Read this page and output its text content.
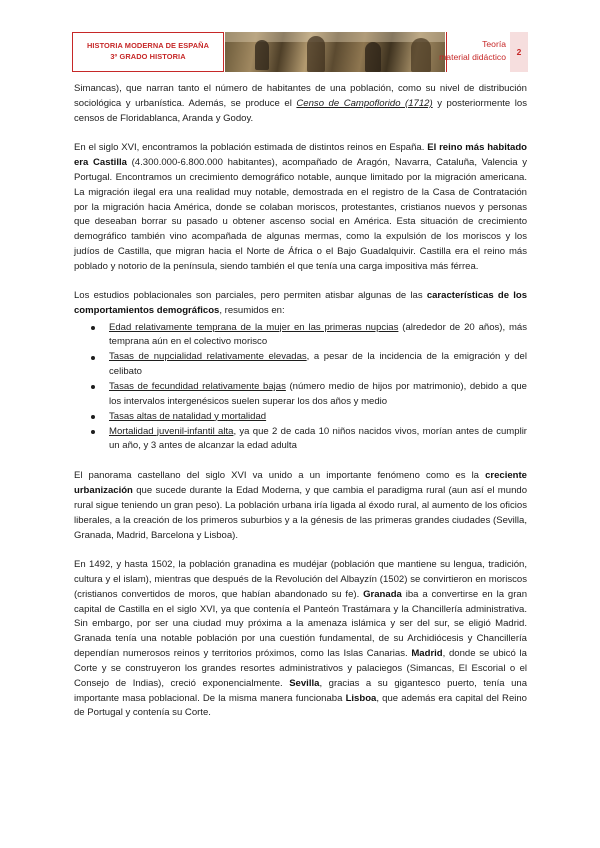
HISTORIA MODERNA DE ESPAÑA
3º GRADO HISTORIA
Teoría
material didáctico	2

Simancas), que narran tanto el número de habitantes de una población, como su nivel de distribución sociológica y urbanística. Además, se produce el Censo de Campoflorido (1712) y posteriormente los censos de Floridablanca, Aranda y Godoy.

En el siglo XVI, encontramos la población estimada de distintos reinos en España. El reino más habitado era Castilla (4.300.000-6.800.000 habitantes), acompañado de Aragón, Navarra, Cataluña, Valencia y Portugal. Encontramos un crecimiento demográfico notable, aunque limitado por la migración americana. La migración ilegal era una realidad muy notable, demostrada en el registro de la Casa de Contratación por la migración hacia América, donde se colaban moriscos, protestantes, cristianos nuevos y personas que deseaban borrar su pasado u obtener ascenso social en América. Esta situación de crecimiento demográfico también vino acompañada de algunas mermas, como la expulsión de los moriscos y los judíos de Castilla, que migran hacia el Norte de África o el Bajo Guadalquivir. Castilla era el reino más poblado y notorio de la península, siendo también el que tenía una carga impositiva más férrea.

Los estudios poblacionales son parciales, pero permiten atisbar algunas de las características de los comportamientos demográficos, resumidos en:

Edad relativamente temprana de la mujer en las primeras nupcias (alrededor de 20 años), más temprana aún en el colectivo morisco
Tasas de nupcialidad relativamente elevadas, a pesar de la incidencia de la emigración y del celibato
Tasas de fecundidad relativamente bajas (número medio de hijos por matrimonio), debido a que los intervalos intergenésicos suelen superar los dos años y medio
Tasas altas de natalidad y mortalidad
Mortalidad juvenil-infantil alta, ya que 2 de cada 10 niños nacidos vivos, morían antes de cumplir un año, y 3 antes de alcanzar la edad adulta

El panorama castellano del siglo XVI va unido a un importante fenómeno como es la creciente urbanización que sucede durante la Edad Moderna, y que cambia el paradigma rural (aun así el mundo rural sigue teniendo un gran peso). La población urbana iría ligada al éxodo rural, al aumento de los oficios liberales, a la creación de los primeros suburbios y a la génesis de las primeras grandes ciudades (Sevilla, Granada, Madrid, Barcelona y Lisboa).

En 1492, y hasta 1502, la población granadina es mudéjar (población que mantiene su lengua, tradición, cultura y el islam), mientras que después de la Revolución del Albayzín (1502) se convirtieron en moriscos (cristianos convertidos de moros, que habían abandonado su fe). Granada iba a convertirse en la gran capital de Castilla en el siglo XVI, ya que contenía el Panteón Trastámara y la Chancillería administrativa. Sin embargo, por ser una ciudad muy próxima a la amenaza islámica y ser del sur, se eligió Madrid. Granada tenía una notable población por una cuestión fundamental, de su Archidiócesis y Chancillería dependían numerosos reinos y territorios próximos, como las Islas Canarias. Madrid, donde se ubicó la Corte y se construyeron los grandes resortes administrativos y palaciegos (Simancas, El Escorial o el Consejo de Indias), creció exponencialmente. Sevilla, gracias a su gigantesco puerto, tenía una importante masa poblacional. De la misma manera funcionaba Lisboa, que además era capital del Reino de Portugal y contenía su Corte.
